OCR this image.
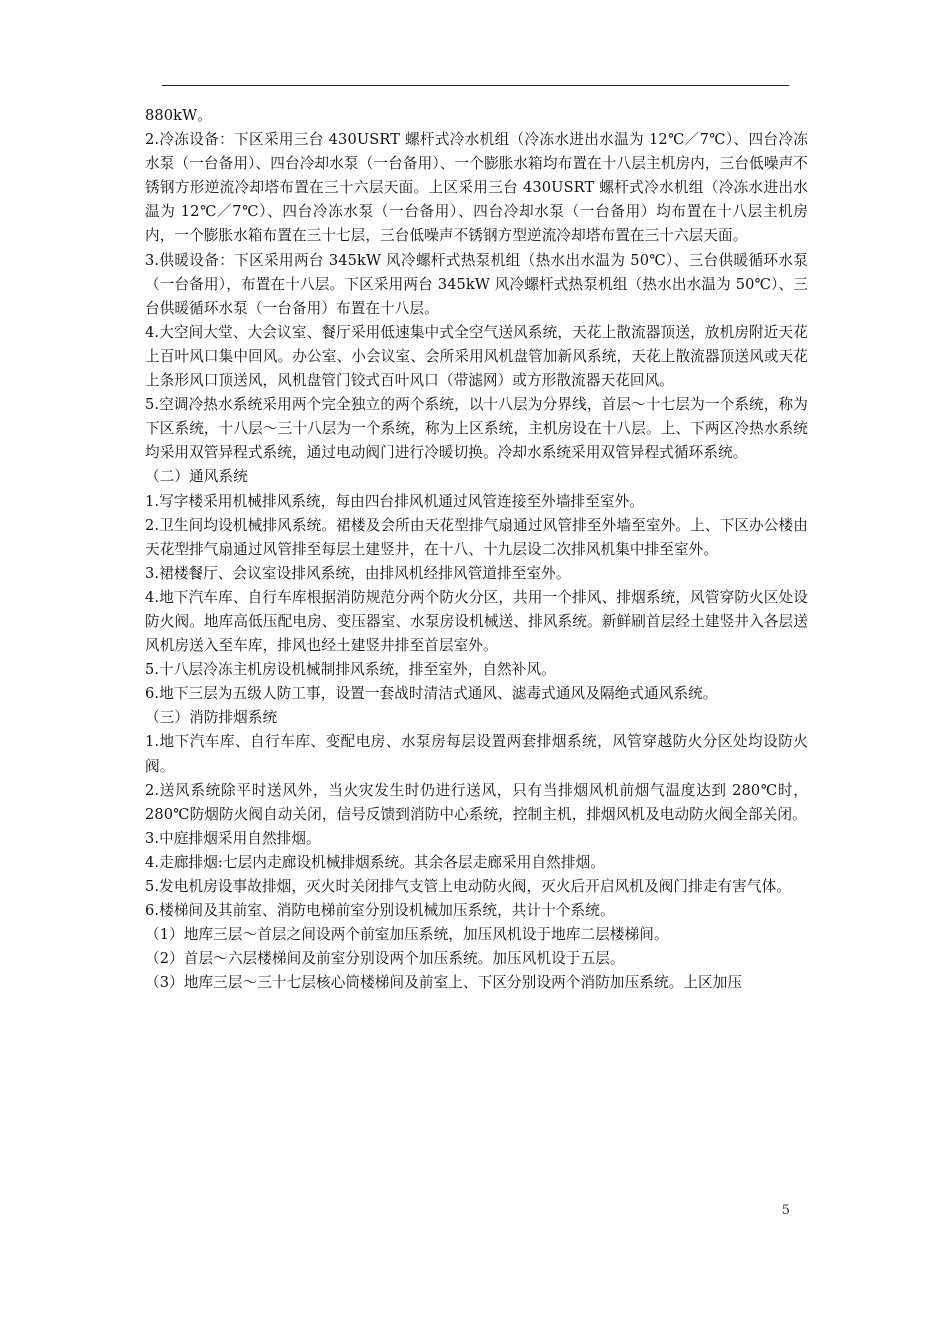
880kW。

2.冷冻设备：下区采用三台 430USRT 螺杆式冷水机组（冷冻水进出水温为 12℃／7℃）、四台冷冻水泵（一台备用）、四台冷却水泵（一台备用）、一个膨胀水箱均布置在十八层主机房内，三台低噪声不锈钢方形逆流冷却塔布置在三十六层天面。上区采用三台 430USRT 螺杆式冷水机组（冷冻水进出水温为 12℃／7℃）、四台冷冻水泵（一台备用）、四台冷却水泵（一台备用）均布置在十八层主机房内，一个膨胀水箱布置在三十七层，三台低噪声不锈钢方型逆流冷却塔布置在三十六层天面。

3.供暖设备：下区采用两台 345kW 风冷螺杆式热泵机组（热水出水温为 50℃）、三台供暖循环水泵（一台备用），布置在十八层。下区采用两台 345kW 风冷螺杆式热泵机组（热水出水温为 50℃）、三台供暖循环水泵（一台备用）布置在十八层。

4.大空间大堂、大会议室、餐厅采用低速集中式全空气送风系统，天花上散流器顶送，放机房附近天花上百叶风口集中回风。办公室、小会议室、会所采用风机盘管加新风系统，天花上散流器顶送风或天花上条形风口顶送风，风机盘管门铰式百叶风口（带滤网）或方形散流器天花回风。

5.空调冷热水系统采用两个完全独立的两个系统，以十八层为分界线，首层～十七层为一个系统，称为下区系统，十八层～三十八层为一个系统，称为上区系统，主机房设在十八层。上、下两区冷热水系统均采用双管异程式系统，通过电动阀门进行冷暖切换。冷却水系统采用双管异程式循环系统。

（二）通风系统

1.写字楼采用机械排风系统，每由四台排风机通过风管连接至外墙排至室外。

2.卫生间均设机械排风系统。裙楼及会所由天花型排气扇通过风管排至外墙至室外。上、下区办公楼由天花型排气扇通过风管排至每层土建竖井，在十八、十九层设二次排风机集中排至室外。

3.裙楼餐厅、会议室设排风系统，由排风机经排风管道排至室外。

4.地下汽车库、自行车库根据消防规范分两个防火分区，共用一个排风、排烟系统，风管穿防火区处设防火阀。地库高低压配电房、变压器室、水泵房设机械送、排风系统。新鲜刷首层经土建竖井入各层送风机房送入至车库，排风也经土建竖井排至首层室外。

5.十八层冷冻主机房设机械制排风系统，排至室外，自然补风。

6.地下三层为五级人防工事，设置一套战时清洁式通风、滤毒式通风及隔绝式通风系统。

（三）消防排烟系统

1.地下汽车库、自行车库、变配电房、水泵房每层设置两套排烟系统，风管穿越防火分区处均设防火阀。

2.送风系统除平时送风外，当火灾发生时仍进行送风，只有当排烟风机前烟气温度达到 280℃时，280℃防烟防火阀自动关闭，信号反馈到消防中心系统，控制主机，排烟风机及电动防火阀全部关闭。

3.中庭排烟采用自然排烟。

4.走廊排烟:七层内走廊设机械排烟系统。其余各层走廊采用自然排烟。

5.发电机房设事故排烟，灭火时关闭排气支管上电动防火阀，灭火后开启风机及阀门排走有害气体。

6.楼梯间及其前室、消防电梯前室分别设机械加压系统，共计十个系统。

（1）地库三层～首层之间设两个前室加压系统，加压风机设于地库二层楼梯间。

（2）首层～六层楼梯间及前室分别设两个加压系统。加压风机设于五层。

（3）地库三层～三十七层核心筒楼梯间及前室上、下区分别设两个消防加压系统。上区加压

5
